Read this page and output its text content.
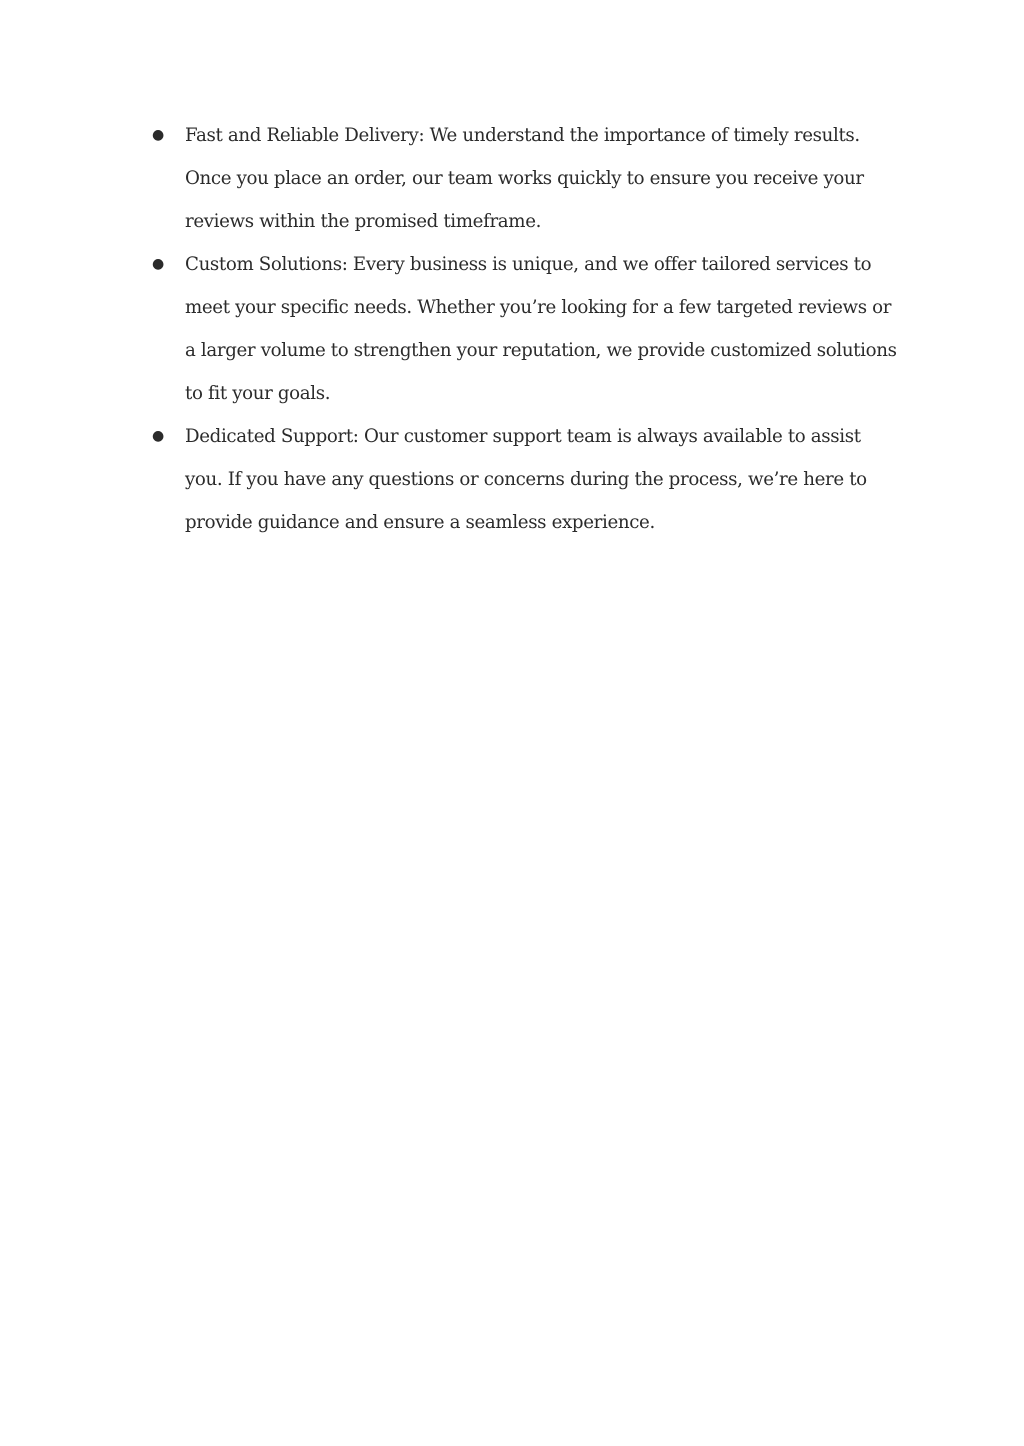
●	Fast and Reliable Delivery: We understand the importance of timely results. Once you place an order, our team works quickly to ensure you receive your reviews within the promised timeframe.
●	Custom Solutions: Every business is unique, and we offer tailored services to meet your specific needs. Whether you’re looking for a few targeted reviews or a larger volume to strengthen your reputation, we provide customized solutions to fit your goals.
●	Dedicated Support: Our customer support team is always available to assist you. If you have any questions or concerns during the process, we’re here to provide guidance and ensure a seamless experience.
